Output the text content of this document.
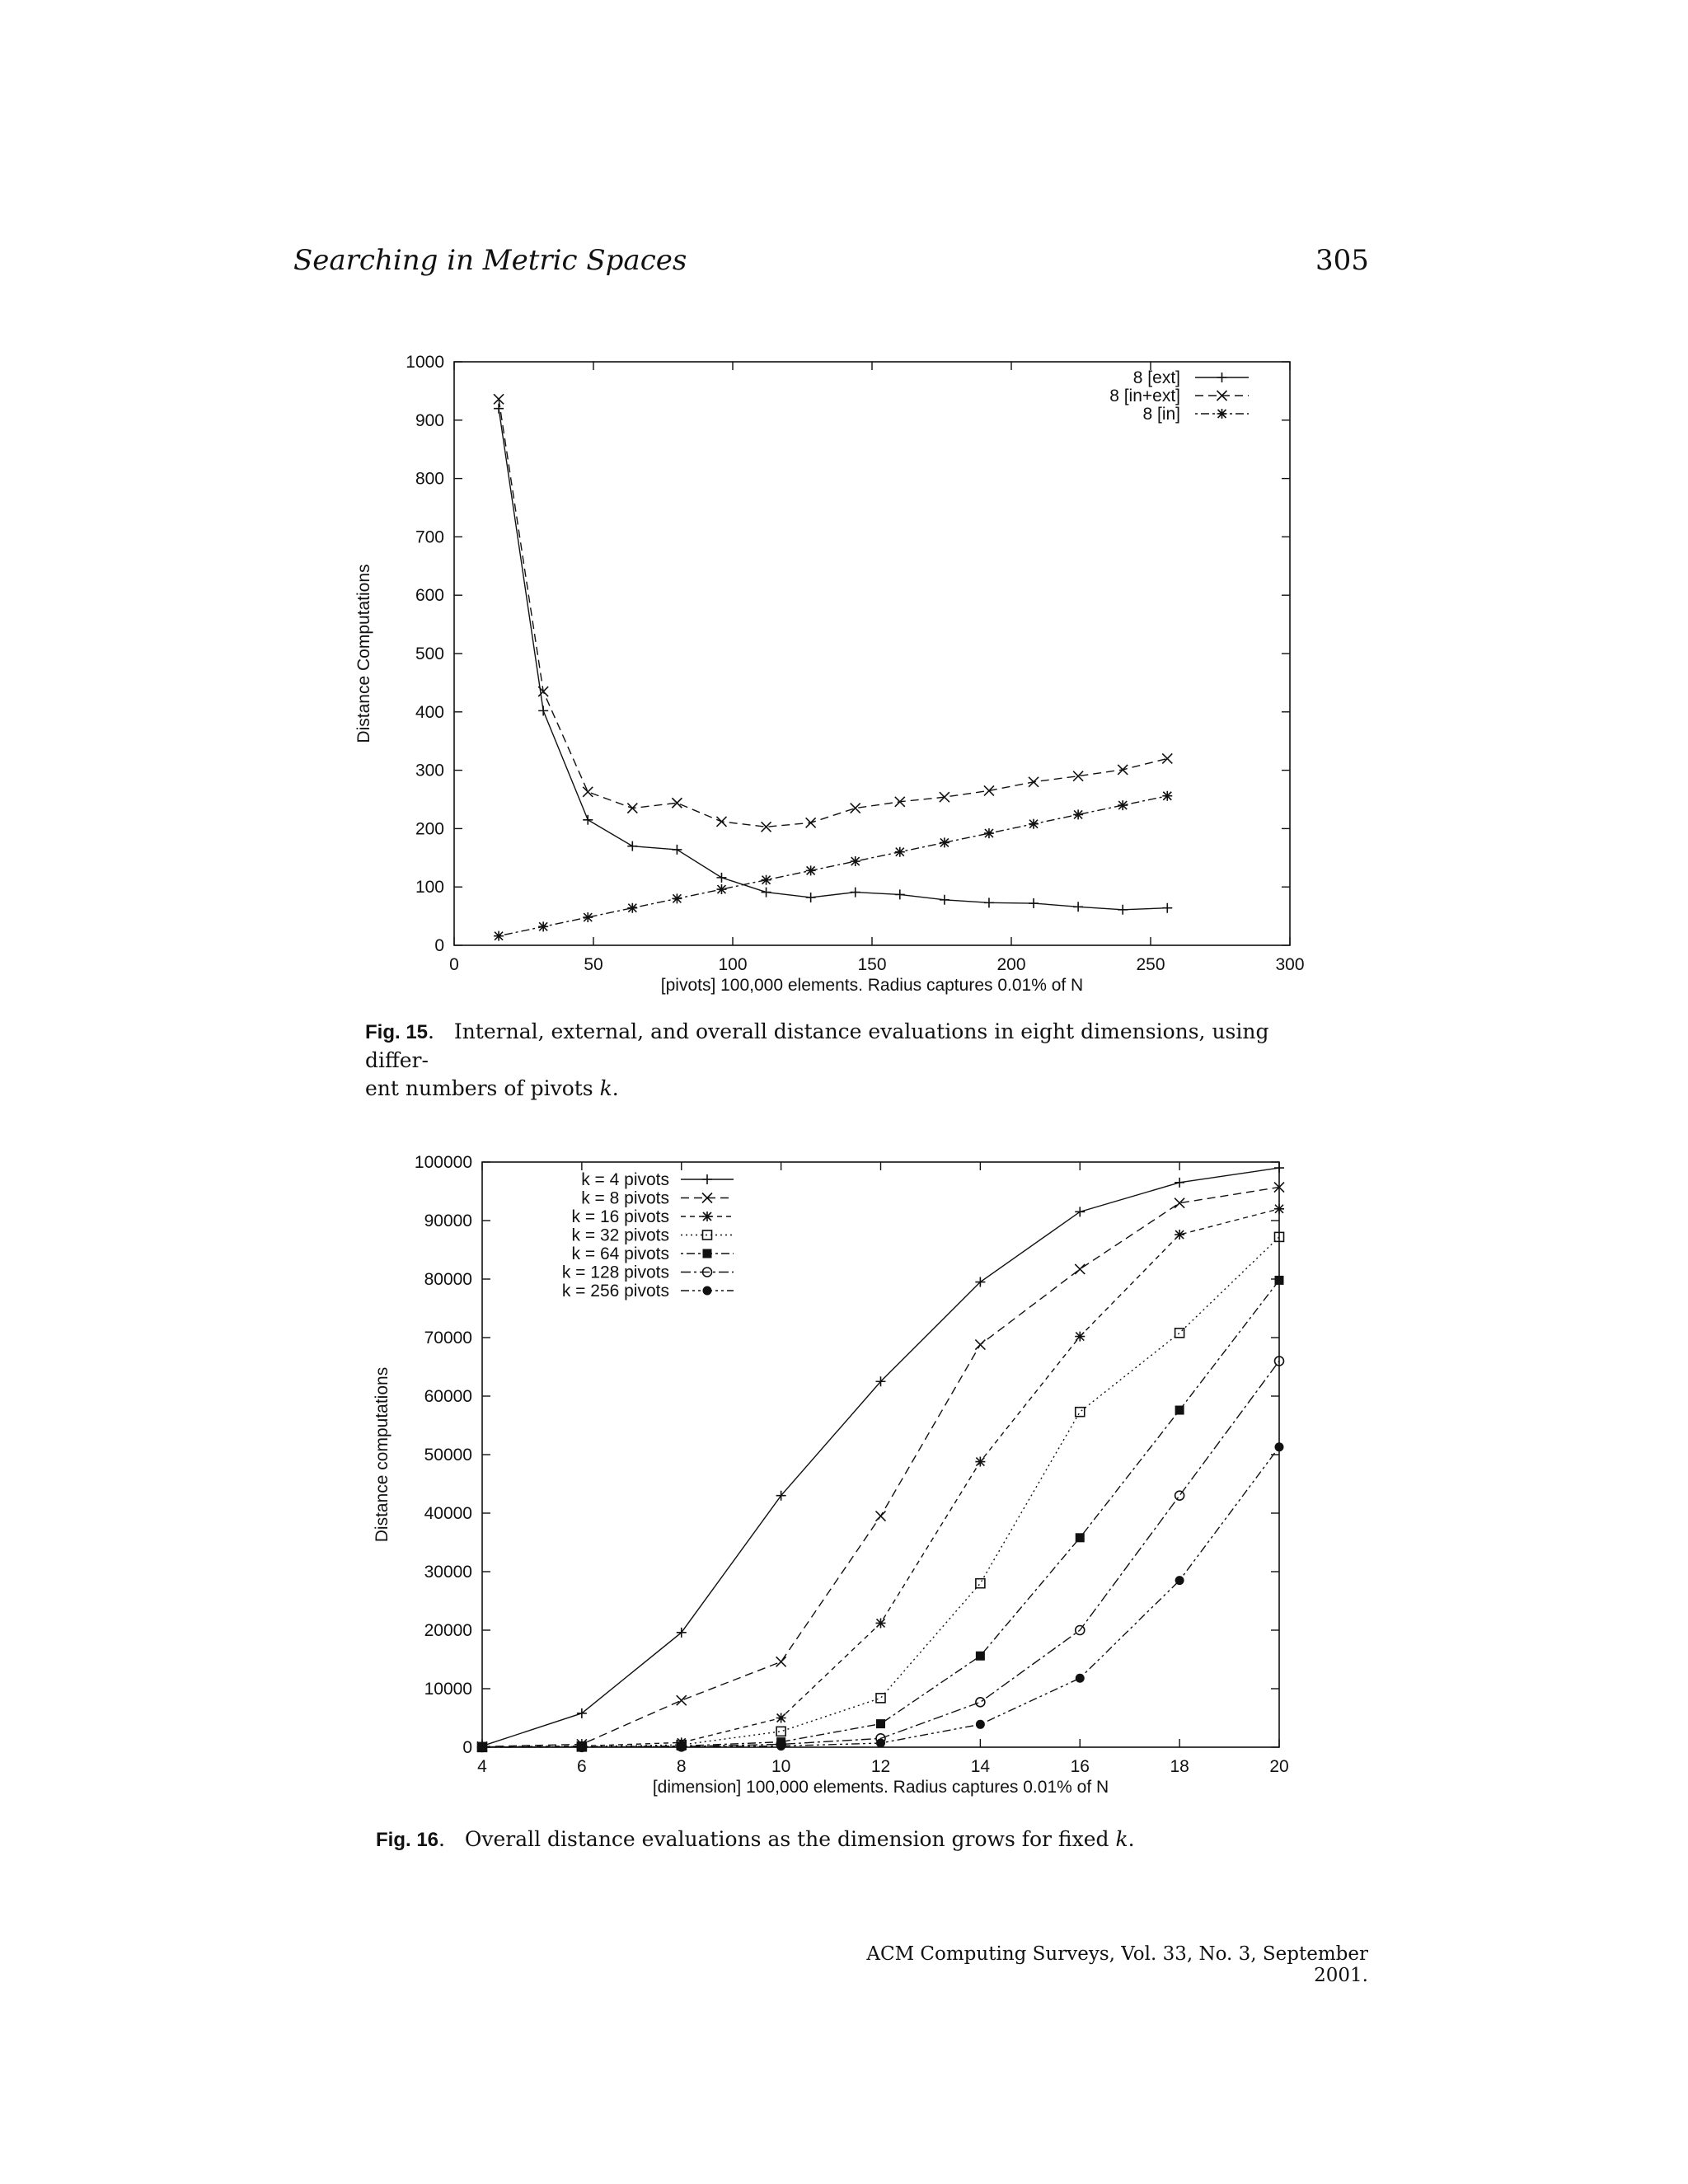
Searching in Metric Spaces	305
0	50	100	150	200	250	300
0
100
200
300
400
500
600
700
800
900
1000
[pivots] 100,000 elements. Radius captures 0.01% of N
Distance Computations
8 [ext]
8 [in+ext]
8 [in]
4	6	8	10	12	14	16	18	20
0
10000
20000
30000
40000
50000
60000
70000
80000
90000
100000
[dimension] 100,000 elements. Radius captures 0.01% of N
Distance computations
k = 4 pivots
k = 8 pivots
k = 16 pivots
k = 32 pivots
k = 64 pivots
k = 128 pivots
k = 256 pivots
Fig. 15.   Internal, external, and overall distance evaluations in eight dimensions, using differ-
ent numbers of pivots k.
Fig. 16.   Overall distance evaluations as the dimension grows for fixed k.
ACM Computing Surveys, Vol. 33, No. 3, September 2001.
